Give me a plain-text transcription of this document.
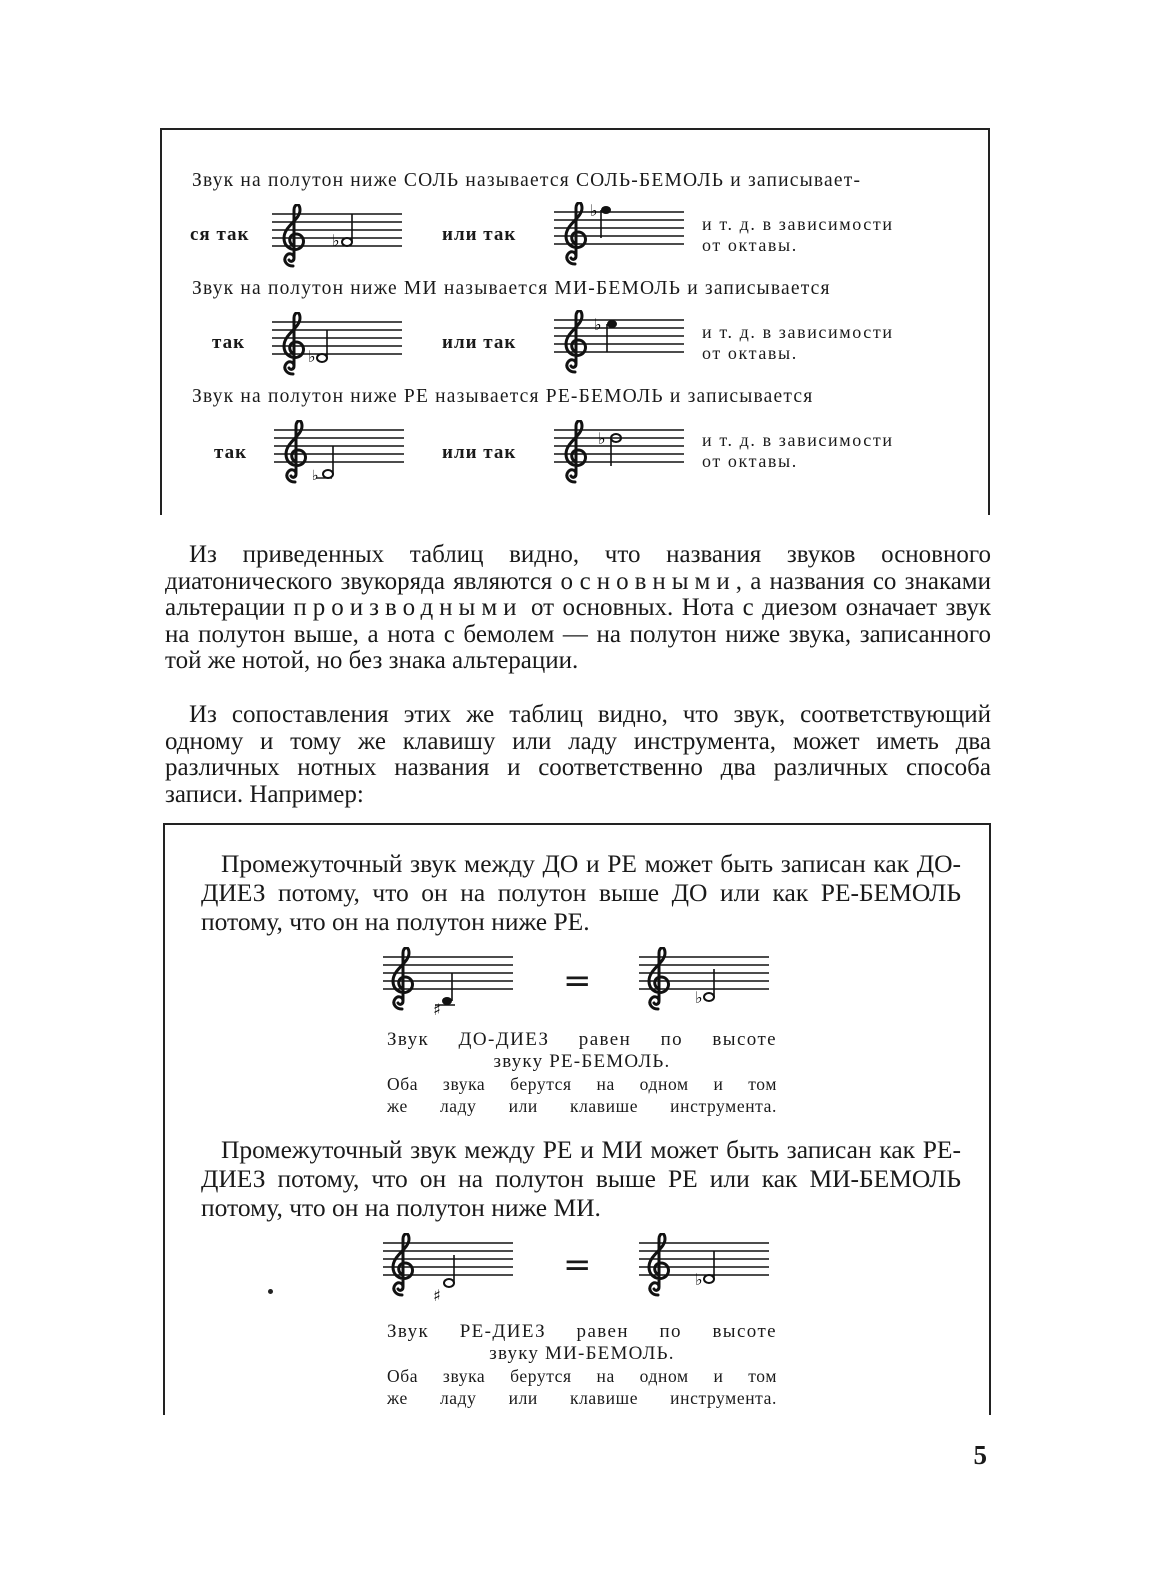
Звук на полутон ниже СОЛЬ называется СОЛЬ-БЕМОЛЬ и записывает-
ся так	♭	или так
♭
и т. д. в зависимости
от октавы.
Звук на полутон ниже МИ называется МИ-БЕМОЛЬ и записывается
так
♭
или так
♭	и т. д. в зависимости
от октавы.
Звук на полутон ниже РЕ называется РЕ-БЕМОЛЬ и записывается
так
♭
или так
♭	и т. д. в зависимости
от октавы.
Из приведенных таблиц видно, что названия звуков основного диатонического звукоряда являются основными, а названия со знаками альтерации производными от основных. Нота с диезом означает звук на полутон выше, а нота с бемолем — на полутон ниже звука, записанного той же нотой, но без знака альтерации.
Из сопоставления этих же таблиц видно, что звук, соответствующий одному и тому же клавишу или ладу инструмента, может иметь два различных нотных названия и соответственно два различных способа записи. Например:
Промежуточный звук между ДО и РЕ может быть записан как ДО-ДИЕЗ потому, что он на полутон выше ДО или как РЕ-БЕМОЛЬ потому, что он на полутон ниже РЕ.
♯
=	♭
Звук ДО-ДИЕЗ равен по высоте
звуку РЕ-БЕМОЛЬ.
Оба звука берутся на одном и том
же ладу или клавише инструмента.
Промежуточный звук между РЕ и МИ может быть записан как РЕ-ДИЕЗ потому, что он на полутон выше РЕ или как МИ-БЕМОЛЬ потому, что он на полутон ниже МИ.
♯
=	♭
Звук РЕ-ДИЕЗ равен по высоте
звуку МИ-БЕМОЛЬ.
Оба звука берутся на одном и том
же ладу или клавише инструмента.
5
